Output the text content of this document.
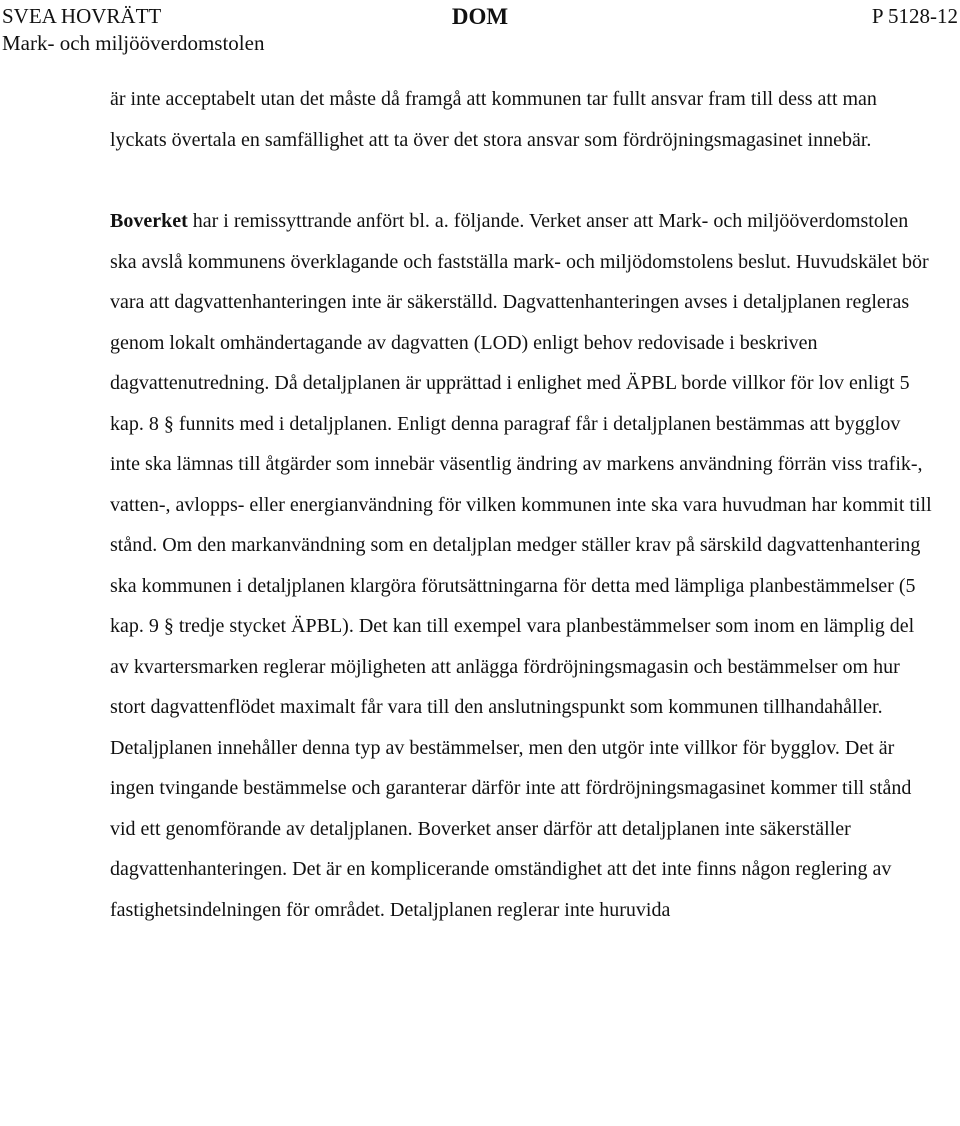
SVEA HOVRÄTT
Mark- och miljööverdomstolen
DOM	P 5128-12

är inte acceptabelt utan det måste då framgå att kommunen tar fullt ansvar fram till dess att man lyckats övertala en samfällighet att ta över det stora ansvar som fördröjningsmagasinet innebär.

Boverket har i remissyttrande anfört bl. a. följande. Verket anser att Mark- och miljööverdomstolen ska avslå kommunens överklagande och fastställa mark- och miljödomstolens beslut. Huvudskälet bör vara att dagvattenhanteringen inte är säkerställd. Dagvattenhanteringen avses i detaljplanen regleras genom lokalt omhändertagande av dagvatten (LOD) enligt behov redovisade i beskriven dagvattenutredning. Då detaljplanen är upprättad i enlighet med ÄPBL borde villkor för lov enligt 5 kap. 8 § funnits med i detaljplanen. Enligt denna paragraf får i detaljplanen bestämmas att bygglov inte ska lämnas till åtgärder som innebär väsentlig ändring av markens användning förrän viss trafik-, vatten-, avlopps- eller energianvändning för vilken kommunen inte ska vara huvudman har kommit till stånd. Om den markanvändning som en detaljplan medger ställer krav på särskild dagvattenhantering ska kommunen i detaljplanen klargöra förutsättningarna för detta med lämpliga planbestämmelser (5 kap. 9 § tredje stycket ÄPBL). Det kan till exempel vara planbestämmelser som inom en lämplig del av kvartersmarken reglerar möjligheten att anlägga fördröjningsmagasin och bestämmelser om hur stort dagvattenflödet maximalt får vara till den anslutningspunkt som kommunen tillhandahåller. Detaljplanen innehåller denna typ av bestämmelser, men den utgör inte villkor för bygglov. Det är ingen tvingande bestämmelse och garanterar därför inte att fördröjningsmagasinet kommer till stånd vid ett genomförande av detaljplanen. Boverket anser därför att detaljplanen inte säkerställer dagvattenhanteringen. Det är en komplicerande omständighet att det inte finns någon reglering av fastighetsindelningen för området. Detaljplanen reglerar inte huruvida
